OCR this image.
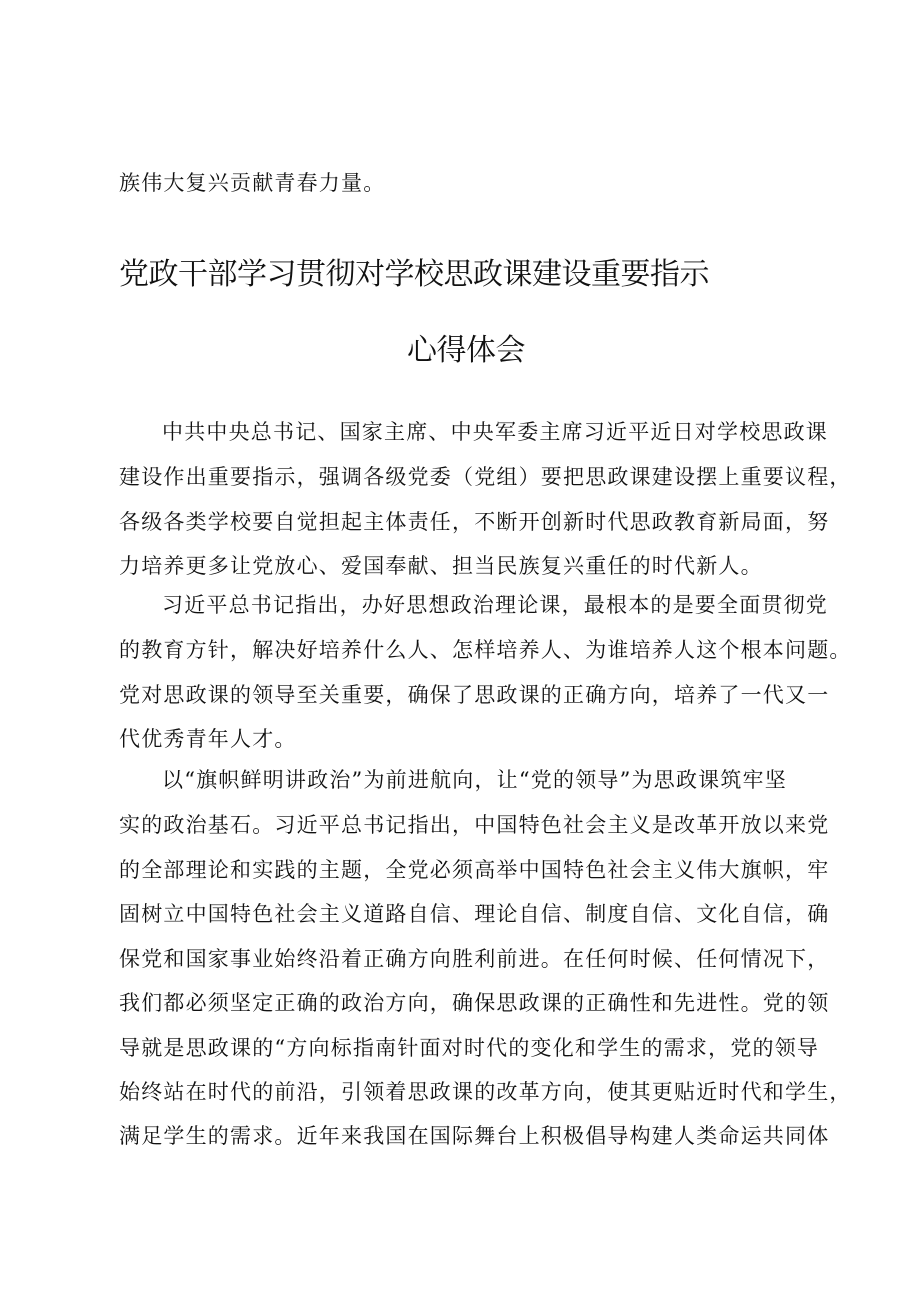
族伟大复兴贡献青春力量。
党政干部学习贯彻对学校思政课建设重要指示
心得体会
中共中央总书记、国家主席、中央军委主席习近平近日对学校思政课
建设作出重要指示，强调各级党委（党组）要把思政课建设摆上重要议程，
各级各类学校要自觉担起主体责任，不断开创新时代思政教育新局面，努
力培养更多让党放心、爱国奉献、担当民族复兴重任的时代新人。
习近平总书记指出，办好思想政治理论课，最根本的是要全面贯彻党
的教育方针，解决好培养什么人、怎样培养人、为谁培养人这个根本问题。
党对思政课的领导至关重要，确保了思政课的正确方向，培养了一代又一
代优秀青年人才。
以“旗帜鲜明讲政治”为前进航向，让“党的领导”为思政课筑牢坚
实的政治基石。习近平总书记指出，中国特色社会主义是改革开放以来党
的全部理论和实践的主题，全党必须高举中国特色社会主义伟大旗帜，牢
固树立中国特色社会主义道路自信、理论自信、制度自信、文化自信，确
保党和国家事业始终沿着正确方向胜利前进。在任何时候、任何情况下，
我们都必须坚定正确的政治方向，确保思政课的正确性和先进性。党的领
导就是思政课的“方向标指南针面对时代的变化和学生的需求，党的领导
始终站在时代的前沿，引领着思政课的改革方向，使其更贴近时代和学生，
满足学生的需求。近年来我国在国际舞台上积极倡导构建人类命运共同体
